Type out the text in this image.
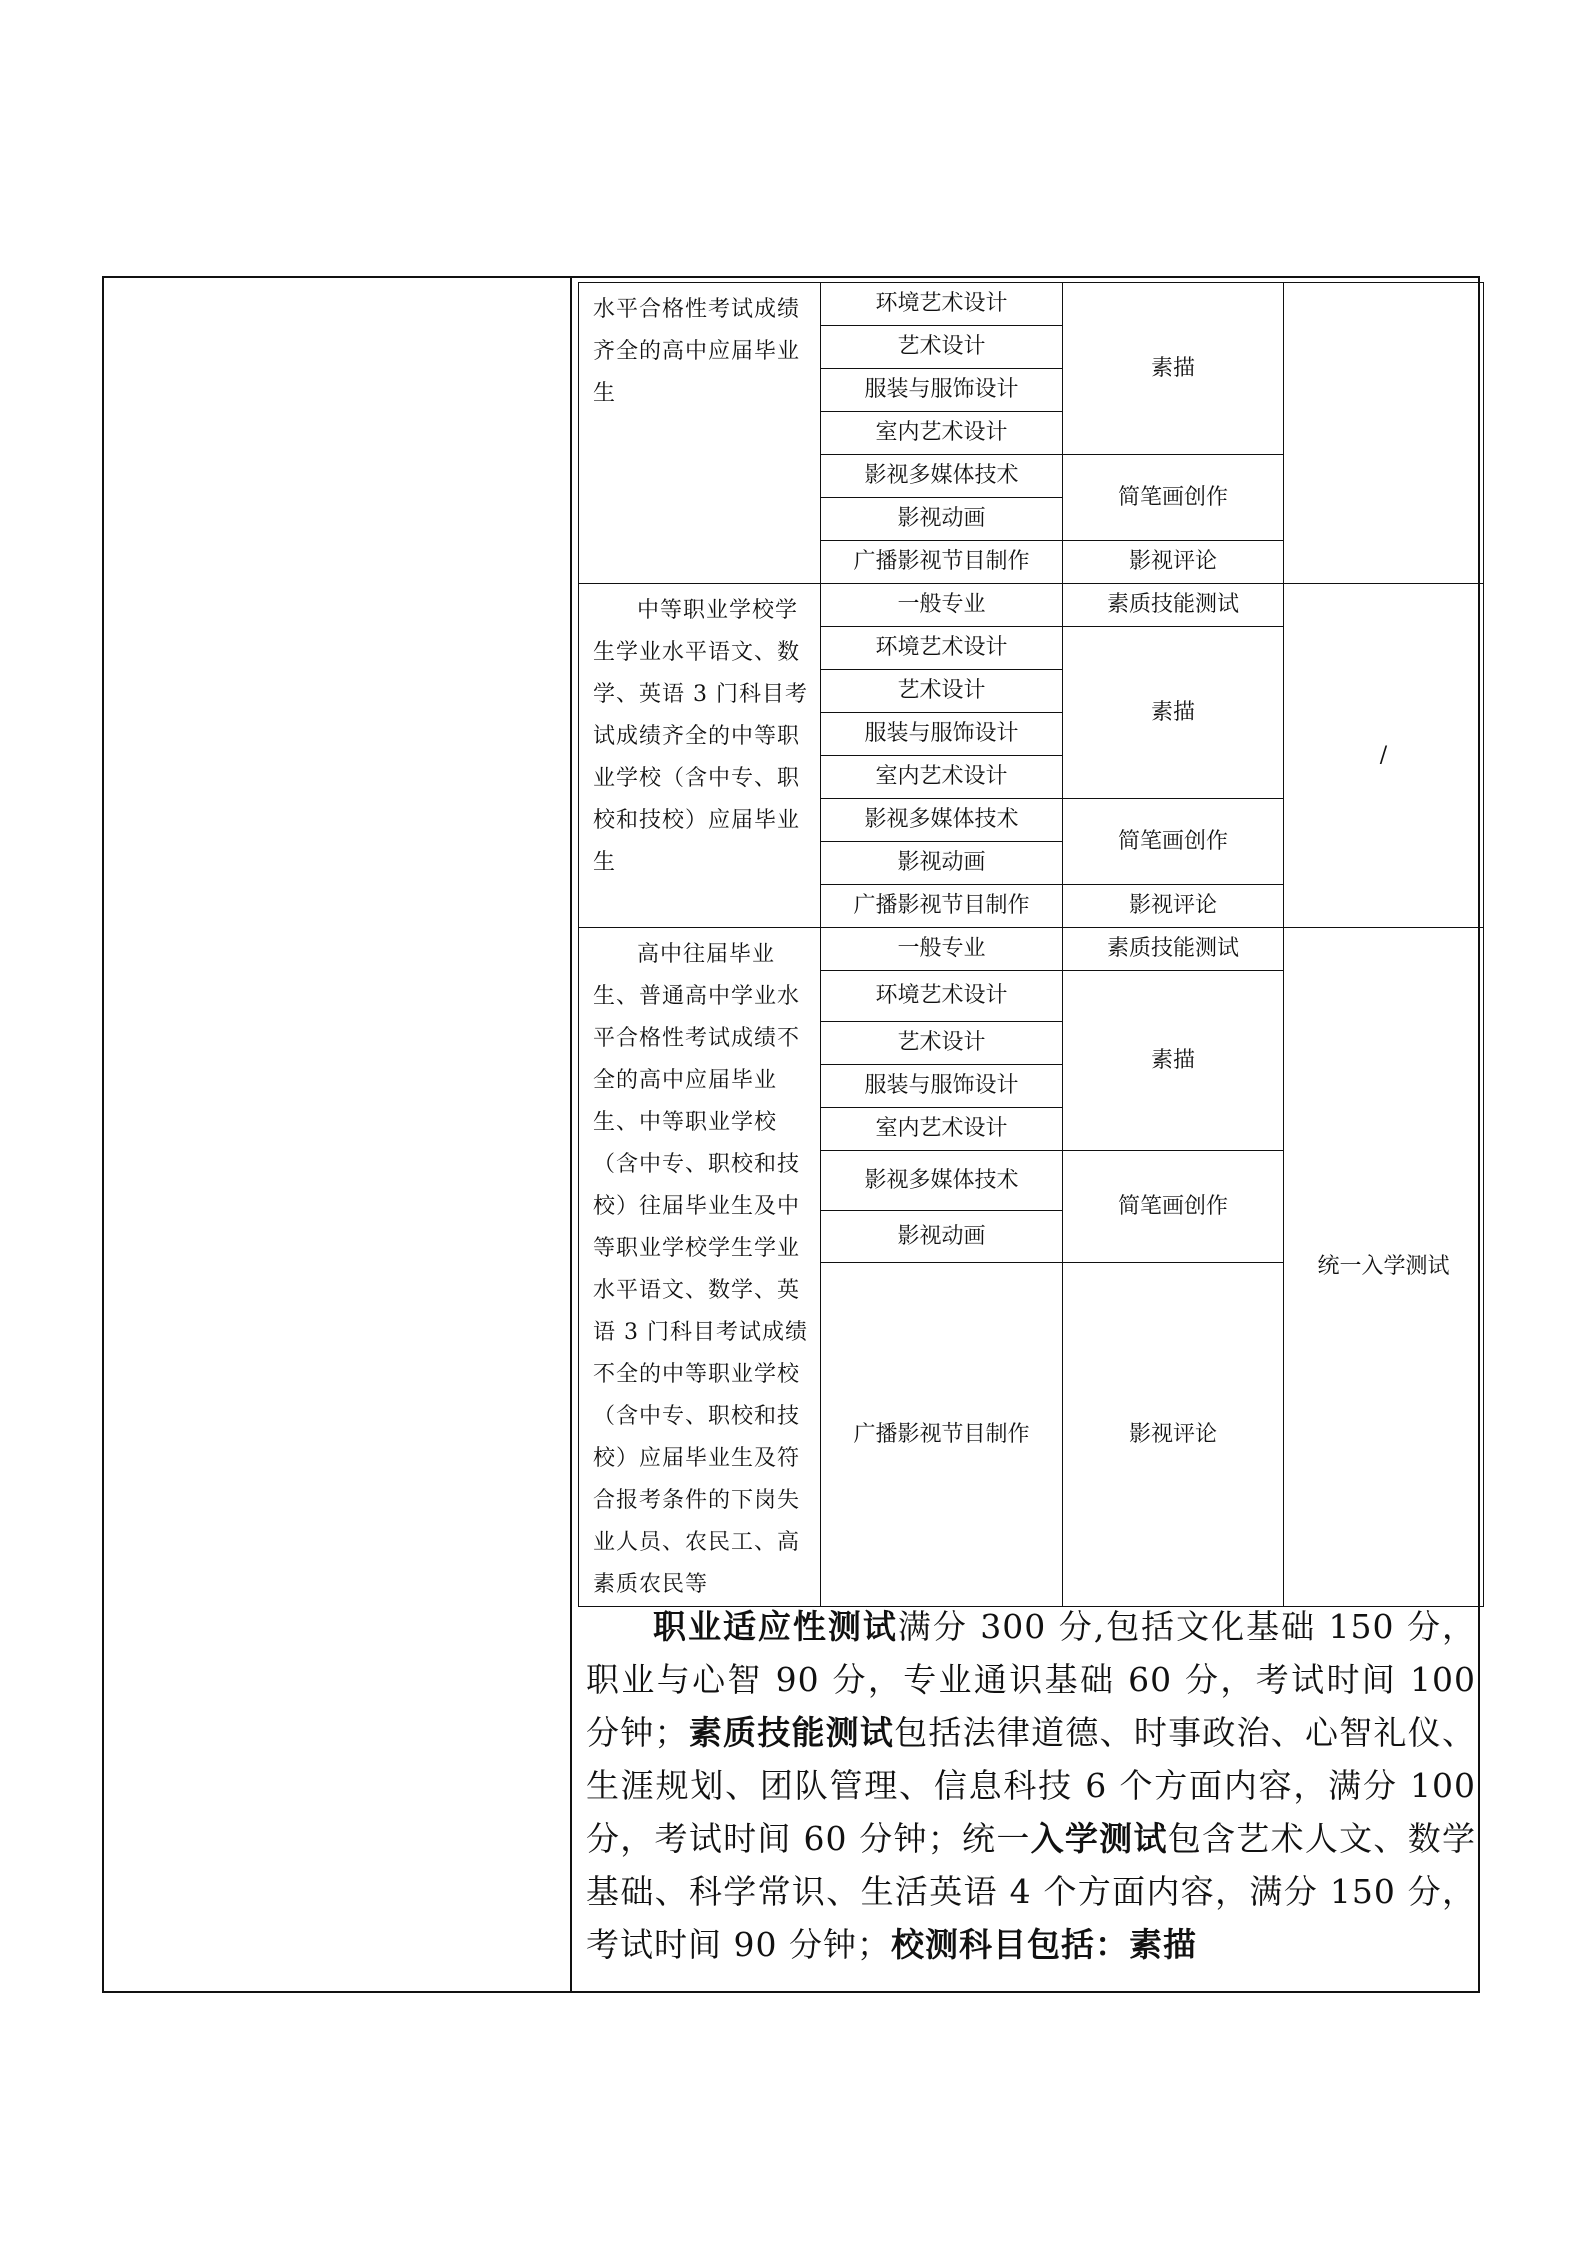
水平合格性考试成绩齐全的高中应届毕业生	环境艺术设计	素描	
	艺术设计		
	服装与服饰设计		
	室内艺术设计		
	影视多媒体技术	简笔画创作	
	影视动画		
	广播影视节目制作	影视评论	
中等职业学校学生学业水平语文、数学、英语 3 门科目考试成绩齐全的中等职业学校（含中专、职校和技校）应届毕业生	一般专业	素质技能测试	/
	环境艺术设计	素描	
	艺术设计		
	服装与服饰设计		
	室内艺术设计		
	影视多媒体技术	简笔画创作	
	影视动画		
	广播影视节目制作	影视评论	
高中往届毕业生、普通高中学业水平合格性考试成绩不全的高中应届毕业生、中等职业学校（含中专、职校和技校）往届毕业生及中等职业学校学生学业水平语文、数学、英语 3 门科目考试成绩不全的中等职业学校（含中专、职校和技校）应届毕业生及符合报考条件的下岗失业人员、农民工、高素质农民等	一般专业	素质技能测试	统一入学测试
	环境艺术设计	素描	
	艺术设计		
	服装与服饰设计		
	室内艺术设计		
	影视多媒体技术	简笔画创作	
	影视动画		
	广播影视节目制作	影视评论	
职业适应性测试满分 300 分,包括文化基础 150 分，职业与心智 90 分，专业通识基础 60 分，考试时间 100 分钟；素质技能测试包括法律道德、时事政治、心智礼仪、生涯规划、团队管理、信息科技 6 个方面内容，满分 100 分，考试时间 60 分钟；统一入学测试包含艺术人文、数学基础、科学常识、生活英语 4 个方面内容，满分 150 分，考试时间 90 分钟；校测科目包括：素描
